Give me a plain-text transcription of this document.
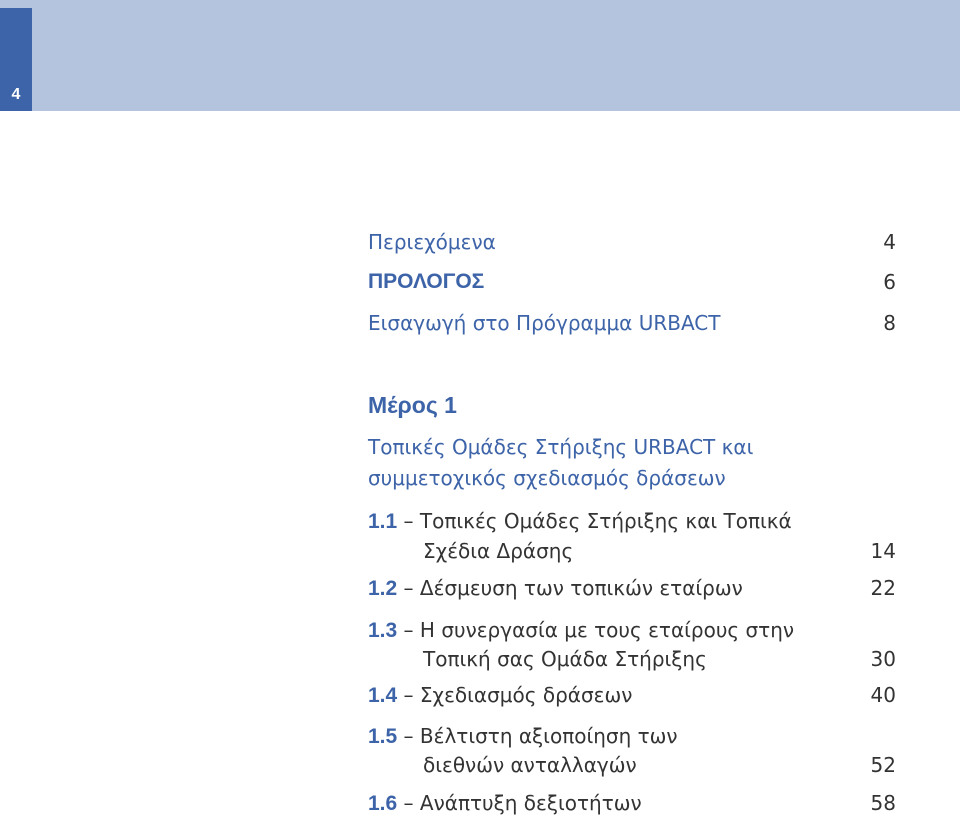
4
Περιεχόμενα	4
ΠΡΟΛΟΓΟΣ	6
Εισαγωγή στο Πρόγραμμα URBACT	8
Μέρος 1
Τοπικές Ομάδες Στήριξης URBACT και
συμμετοχικός σχεδιασμός δράσεων
1.1 – Τοπικές Ομάδες Στήριξης και Τοπικά
Σχέδια Δράσης	14
1.2 – Δέσμευση των τοπικών εταίρων	22
1.3 – Η συνεργασία με τους εταίρους στην
Τοπική σας Ομάδα Στήριξης	30
1.4 – Σχεδιασμός δράσεων	40
1.5 – Βέλτιστη αξιοποίηση των
διεθνών ανταλλαγών	52
1.6 – Ανάπτυξη δεξιοτήτων	58
